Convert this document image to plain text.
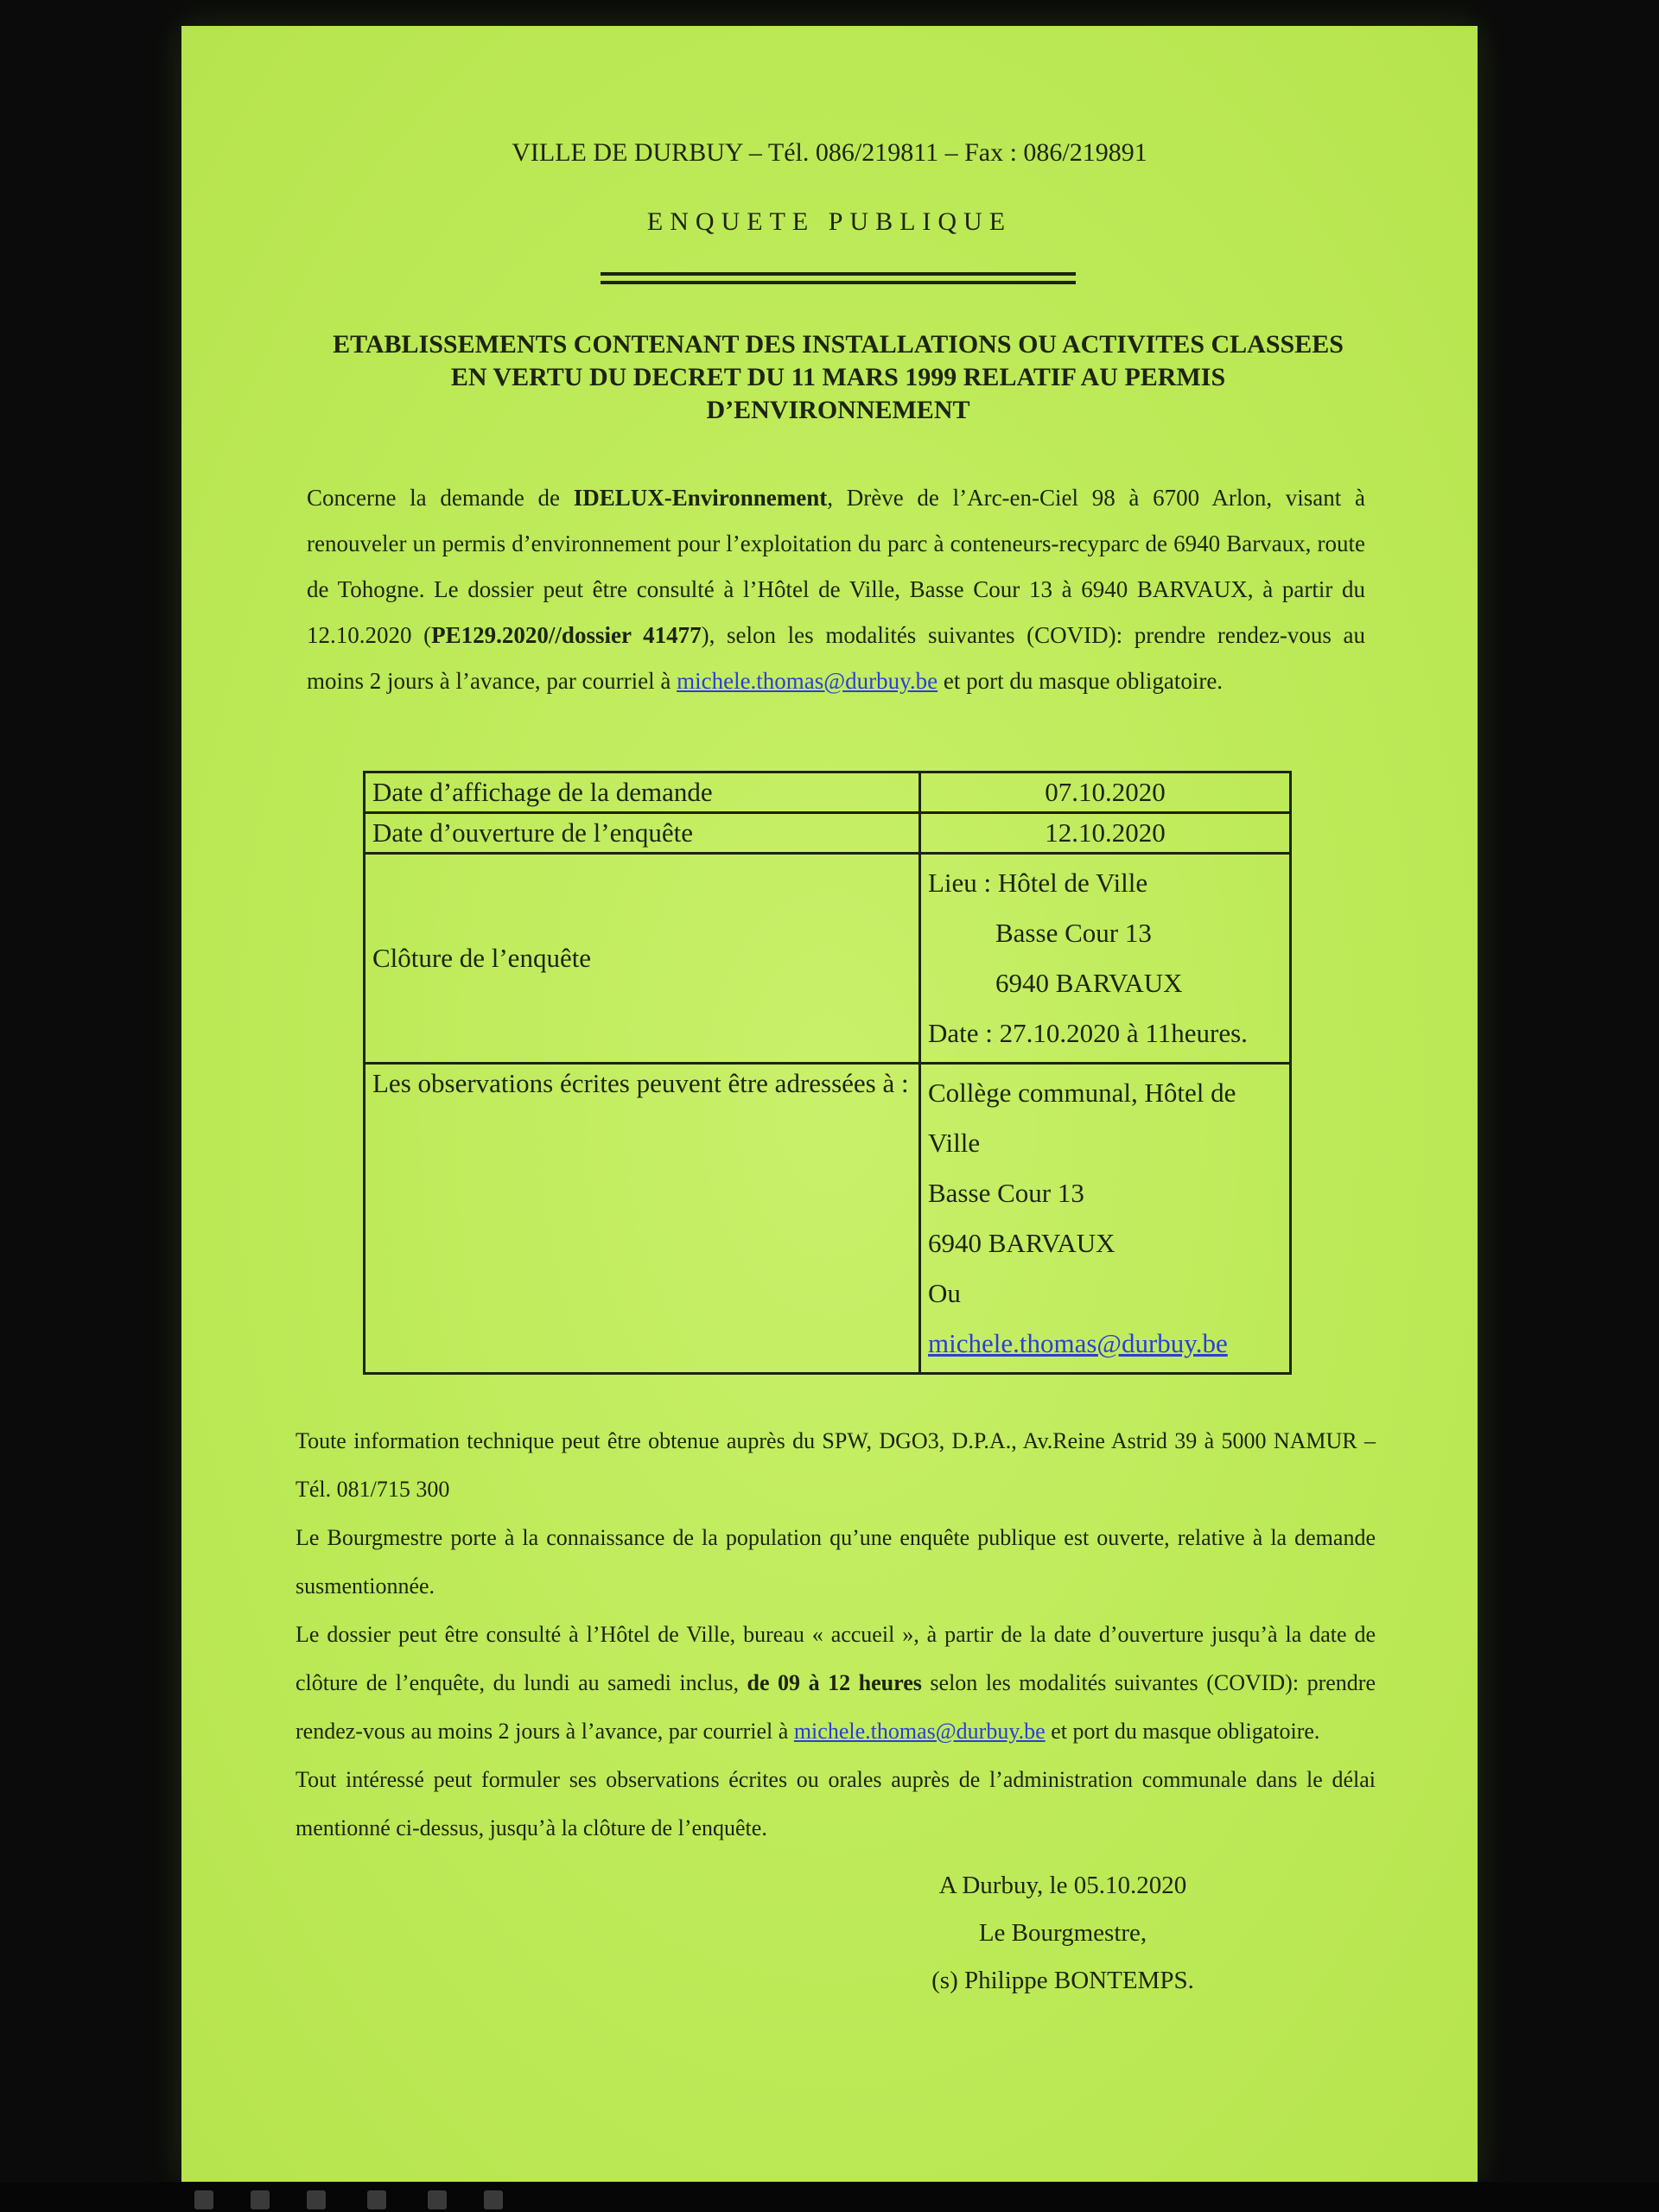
VILLE DE DURBUY – Tél. 086/219811 – Fax : 086/219891
ENQUETE PUBLIQUE
ETABLISSEMENTS CONTENANT DES INSTALLATIONS OU ACTIVITES CLASSEES
EN VERTU DU DECRET DU 11 MARS 1999 RELATIF AU PERMIS
D’ENVIRONNEMENT
Concerne la demande de IDELUX-Environnement, Drève de l’Arc-en-Ciel 98 à 6700 Arlon, visant à renouveler un permis d’environnement pour l’exploitation du parc à conteneurs-recyparc de 6940 Barvaux, route de Tohogne. Le dossier peut être consulté à l’Hôtel de Ville, Basse Cour 13 à 6940 BARVAUX, à partir du 12.10.2020 (PE129.2020//dossier 41477), selon les modalités suivantes (COVID): prendre rendez-vous au moins 2 jours à l’avance, par courriel à michele.thomas@durbuy.be et port du masque obligatoire.
Date d’affichage de la demande	07.10.2020
Date d’ouverture de l’enquête	12.10.2020
Clôture de l’enquête	Lieu : Hôtel de Ville
Basse Cour 13
6940 BARVAUX
Date : 27.10.2020 à 11heures.

Les observations écrites peuvent être adressées à :	Collège communal, Hôtel de Ville
Basse Cour 13
6940 BARVAUX
Ou
michele.thomas@durbuy.be

Toute information technique peut être obtenue auprès du SPW, DGO3, D.P.A., Av.Reine Astrid 39 à 5000 NAMUR – Tél. 081/715 300

Le Bourgmestre porte à la connaissance de la population qu’une enquête publique est ouverte, relative à la demande susmentionnée.

Le dossier peut être consulté à l’Hôtel de Ville, bureau « accueil », à partir de la date d’ouverture jusqu’à la date de clôture de l’enquête, du lundi au samedi inclus, de 09 à 12 heures selon les modalités suivantes (COVID): prendre rendez-vous au moins 2 jours à l’avance, par courriel à michele.thomas@durbuy.be et port du masque obligatoire.

Tout intéressé peut formuler ses observations écrites ou orales auprès de l’administration communale dans le délai mentionné ci-dessus, jusqu’à la clôture de l’enquête.

A Durbuy, le 05.10.2020
Le Bourgmestre,
(s) Philippe BONTEMPS.
